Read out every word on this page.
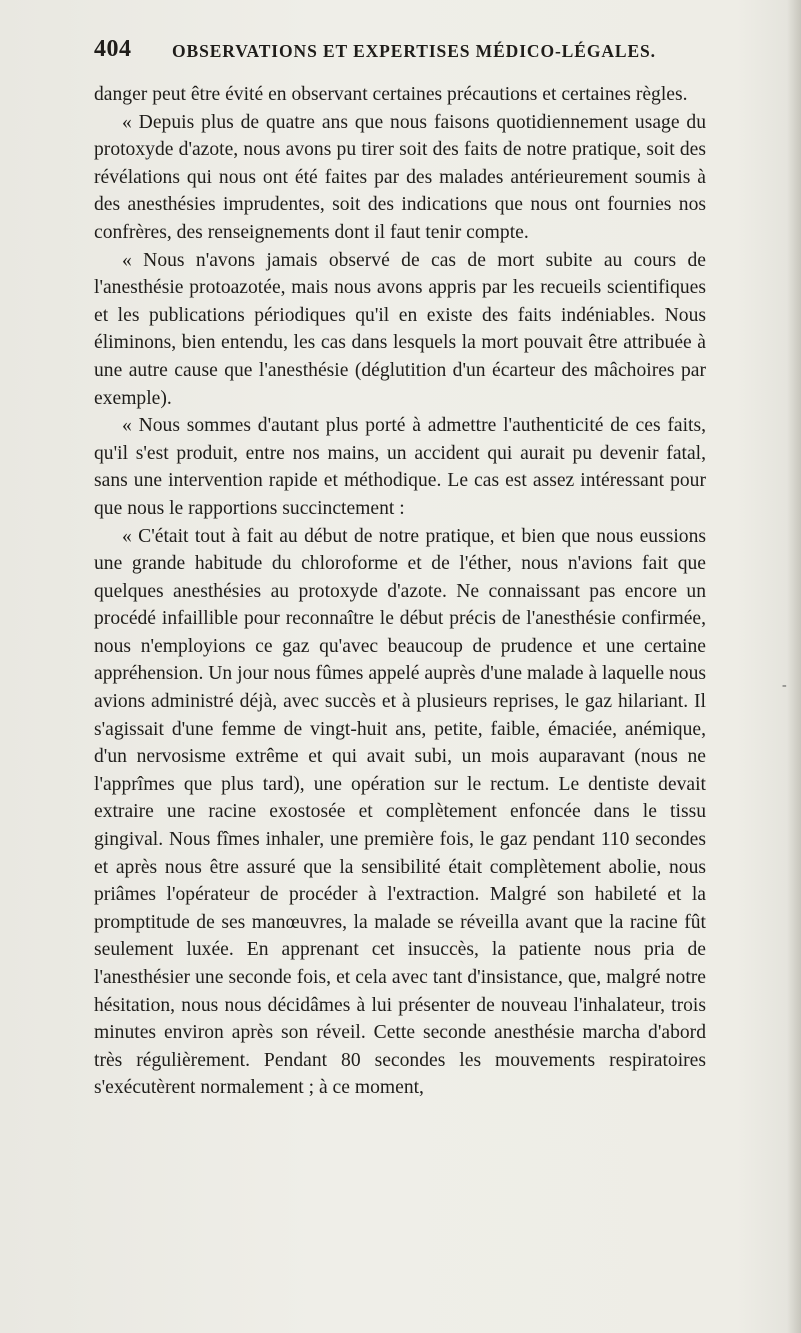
404 OBSERVATIONS ET EXPERTISES MÉDICO-LÉGALES.

danger peut être évité en observant certaines précautions et certaines règles.

« Depuis plus de quatre ans que nous faisons quotidiennement usage du protoxyde d'azote, nous avons pu tirer soit des faits de notre pratique, soit des révélations qui nous ont été faites par des malades antérieurement soumis à des anesthésies imprudentes, soit des indications que nous ont fournies nos confrères, des renseignements dont il faut tenir compte.

« Nous n'avons jamais observé de cas de mort subite au cours de l'anesthésie protoazotée, mais nous avons appris par les recueils scientifiques et les publications périodiques qu'il en existe des faits indéniables. Nous éliminons, bien entendu, les cas dans lesquels la mort pouvait être attribuée à une autre cause que l'anesthésie (déglutition d'un écarteur des mâchoires par exemple).

« Nous sommes d'autant plus porté à admettre l'authenticité de ces faits, qu'il s'est produit, entre nos mains, un accident qui aurait pu devenir fatal, sans une intervention rapide et méthodique. Le cas est assez intéressant pour que nous le rapportions succinctement :

« C'était tout à fait au début de notre pratique, et bien que nous eussions une grande habitude du chloroforme et de l'éther, nous n'avions fait que quelques anesthésies au protoxyde d'azote. Ne connaissant pas encore un procédé infaillible pour reconnaître le début précis de l'anesthésie confirmée, nous n'employions ce gaz qu'avec beaucoup de prudence et une certaine appréhension. Un jour nous fûmes appelé auprès d'une malade à laquelle nous avions administré déjà, avec succès et à plusieurs reprises, le gaz hilariant. Il s'agissait d'une femme de vingt-huit ans, petite, faible, émaciée, anémique, d'un nervosisme extrême et qui avait subi, un mois auparavant (nous ne l'apprîmes que plus tard), une opération sur le rectum. Le dentiste devait extraire une racine exostosée et complètement enfoncée dans le tissu gingival. Nous fîmes inhaler, une première fois, le gaz pendant 110 secondes et après nous être assuré que la sensibilité était complètement abolie, nous priâmes l'opérateur de procéder à l'extraction. Malgré son habileté et la promptitude de ses manœuvres, la malade se réveilla avant que la racine fût seulement luxée. En apprenant cet insuccès, la patiente nous pria de l'anesthésier une seconde fois, et cela avec tant d'insistance, que, malgré notre hésitation, nous nous décidâmes à lui présenter de nouveau l'inhalateur, trois minutes environ après son réveil. Cette seconde anesthésie marcha d'abord très régulièrement. Pendant 80 secondes les mouvements respiratoires s'exécutèrent normalement ; à ce moment,

-
